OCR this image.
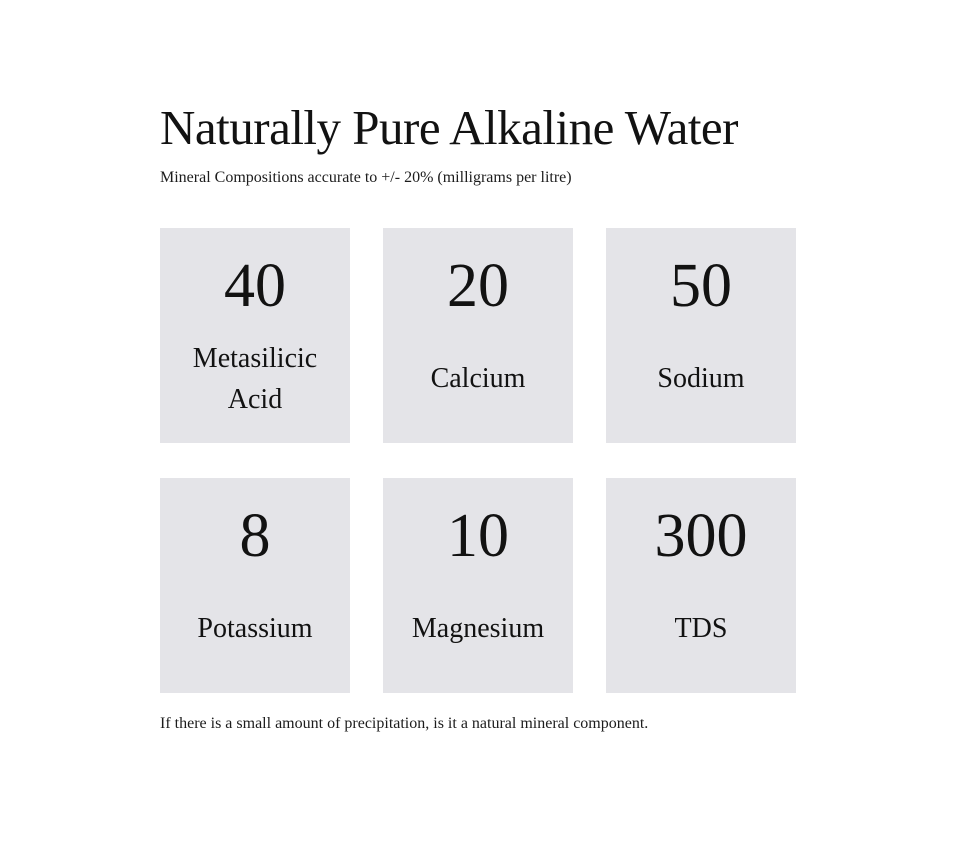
Naturally Pure Alkaline Water

Mineral Compositions accurate to +/- 20% (milligrams per litre)

40
Metasilicic Acid
20
Calcium
50
Sodium
8
Potassium
10
Magnesium
300
TDS

If there is a small amount of precipitation, is it a natural mineral component.
